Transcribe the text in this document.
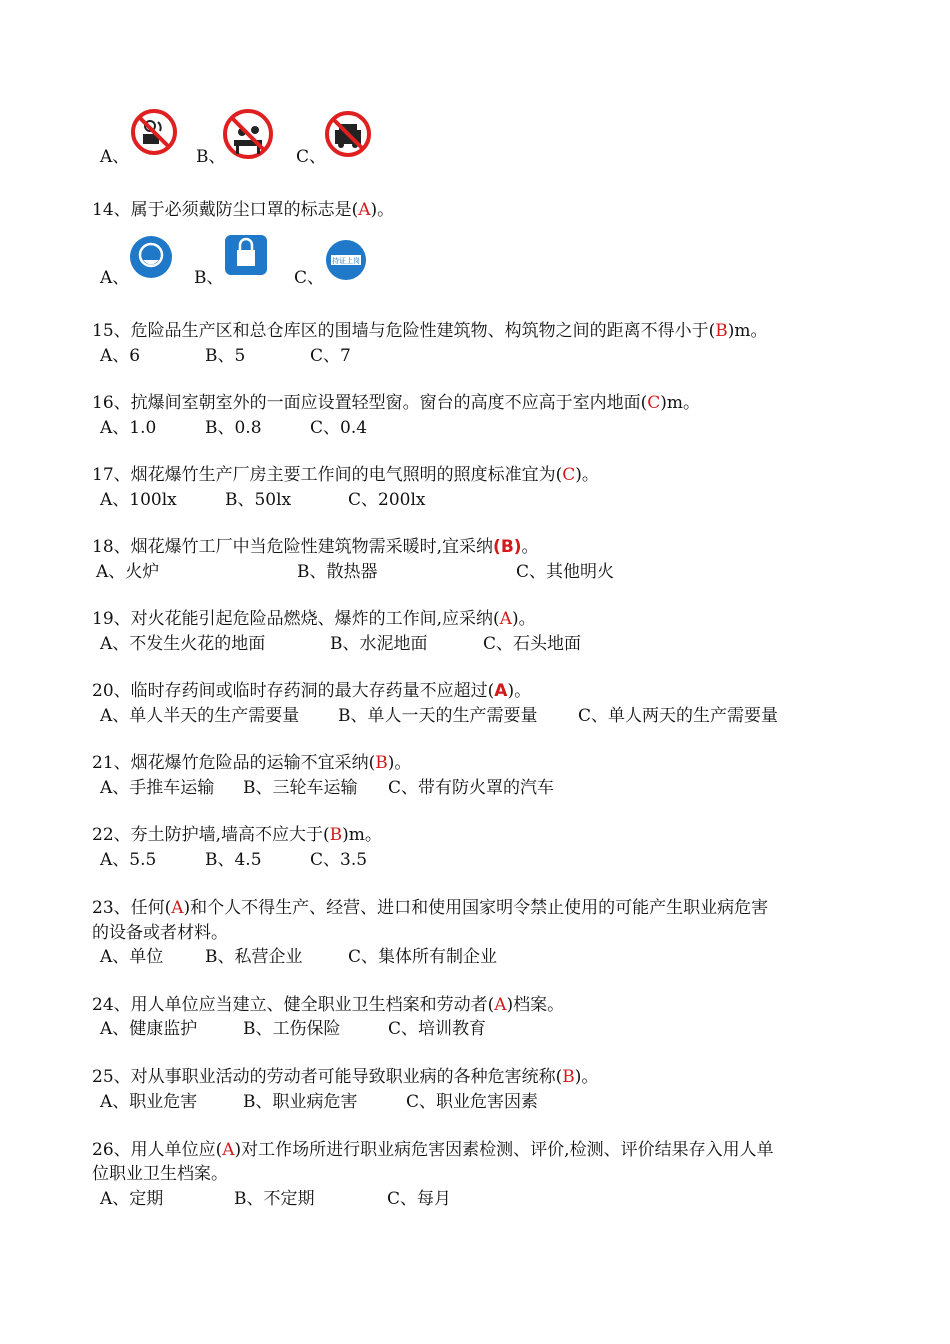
A、	B、	C、
14、属于必须戴防尘口罩的标志是(A)。
A、	B、	C、
持证上岗
15、危险品生产区和总仓库区的围墙与危险性建筑物、构筑物之间的距离不得小于(B)m。
A、6	B、5	C、7
16、抗爆间室朝室外的一面应设置轻型窗。窗台的高度不应高于室内地面(C)m。
A、1.0	B、0.8	C、0.4
17、烟花爆竹生产厂房主要工作间的电气照明的照度标准宜为(C)。
A、100lx	B、50lx	C、200lx
18、烟花爆竹工厂中当危险性建筑物需采暖时,宜采纳(B)。
A、火炉	B、散热器	C、其他明火
19、对火花能引起危险品燃烧、爆炸的工作间,应采纳(A)。
A、不发生火花的地面	B、水泥地面	C、石头地面
20、临时存药间或临时存药洞的最大存药量不应超过(A)。
A、单人半天的生产需要量 B、单人一天的生产需要量 C、单人两天的生产需要量
21、烟花爆竹危险品的运输不宜采纳(B)。
A、手推车运输 B、三轮车运输 C、带有防火罩的汽车
22、夯土防护墙,墙高不应大于(B)m。
A、5.5	B、4.5	C、3.5
23、任何(A)和个人不得生产、经营、进口和使用国家明令禁止使用的可能产生职业病危害
的设备或者材料。
A、单位 B、私营企业	C、集体所有制企业
24、用人单位应当建立、健全职业卫生档案和劳动者(A)档案。
A、健康监护	B、工伤保险	C、培训教育
25、对从事职业活动的劳动者可能导致职业病的各种危害统称(B)。
A、职业危害	B、职业病危害	C、职业危害因素
26、用人单位应(A)对工作场所进行职业病危害因素检测、评价,检测、评价结果存入用人单
位职业卫生档案。
A、定期	B、不定期	C、每月
